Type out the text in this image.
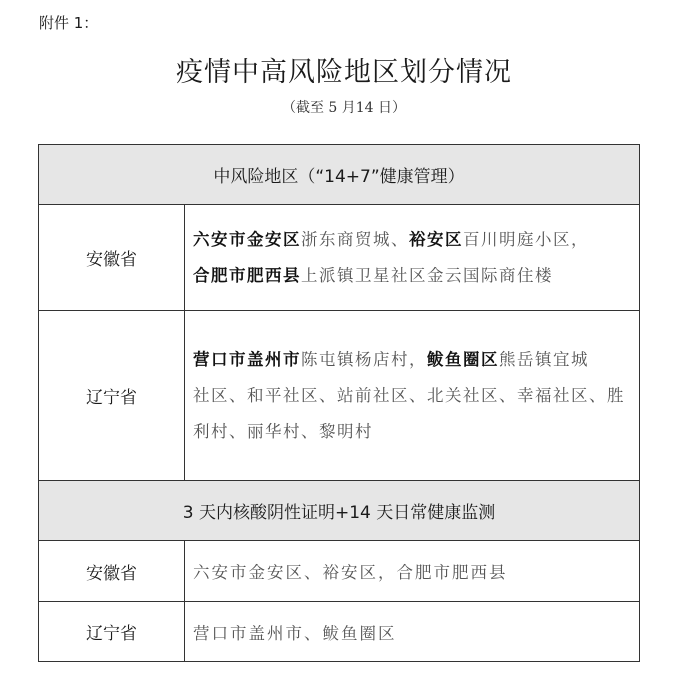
附件 1：
疫情中高风险地区划分情况
（截至 5 月14 日）
中风险地区（“14+7”健康管理）	
安徽省	六安市金安区浙东商贸城、裕安区百川明庭小区，
合肥市肥西县上派镇卫星社区金云国际商住楼

辽宁省	营口市盖州市陈屯镇杨店村，鲅鱼圈区熊岳镇宜城
社区、和平社区、站前社区、北关社区、幸福社区、胜
利村、丽华村、黎明村

3 天内核酸阴性证明+14 天日常健康监测	
安徽省	六安市金安区、裕安区，合肥市肥西县
辽宁省	营口市盖州市、鲅鱼圈区
